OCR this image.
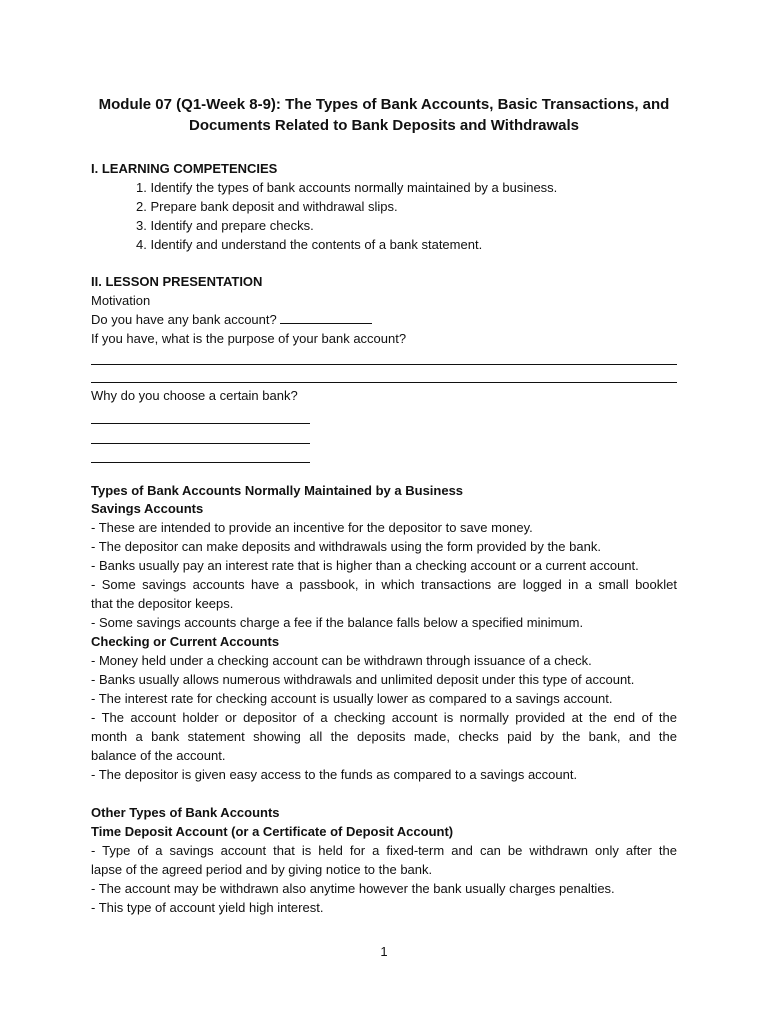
Module 07 (Q1-Week 8-9): The Types of Bank Accounts, Basic Transactions, and
Documents Related to Bank Deposits and Withdrawals
I. LEARNING COMPETENCIES
1. Identify the types of bank accounts normally maintained by a business.
2. Prepare bank deposit and withdrawal slips.
3. Identify and prepare checks.
4. Identify and understand the contents of a bank statement.
II. LESSON PRESENTATION
Motivation
Do you have any bank account?
If you have, what is the purpose of your bank account?
Why do you choose a certain bank?
Types of Bank Accounts Normally Maintained by a Business
Savings Accounts
- These are intended to provide an incentive for the depositor to save money.
- The depositor can make deposits and withdrawals using the form provided by the bank.
- Banks usually pay an interest rate that is higher than a checking account or a current account.
- Some savings accounts have a passbook, in which transactions are logged in a small booklet
that the depositor keeps.
- Some savings accounts charge a fee if the balance falls below a specified minimum.
Checking or Current Accounts
- Money held under a checking account can be withdrawn through issuance of a check.
- Banks usually allows numerous withdrawals and unlimited deposit under this type of account.
- The interest rate for checking account is usually lower as compared to a savings account.
- The account holder or depositor of a checking account is normally provided at the end of the
month a bank statement showing all the deposits made, checks paid by the bank, and the
balance of the account.
- The depositor is given easy access to the funds as compared to a savings account.
Other Types of Bank Accounts
Time Deposit Account (or a Certificate of Deposit Account)
- Type of a savings account that is held for a fixed-term and can be withdrawn only after the
lapse of the agreed period and by giving notice to the bank.
- The account may be withdrawn also anytime however the bank usually charges penalties.
- This type of account yield high interest.
1
